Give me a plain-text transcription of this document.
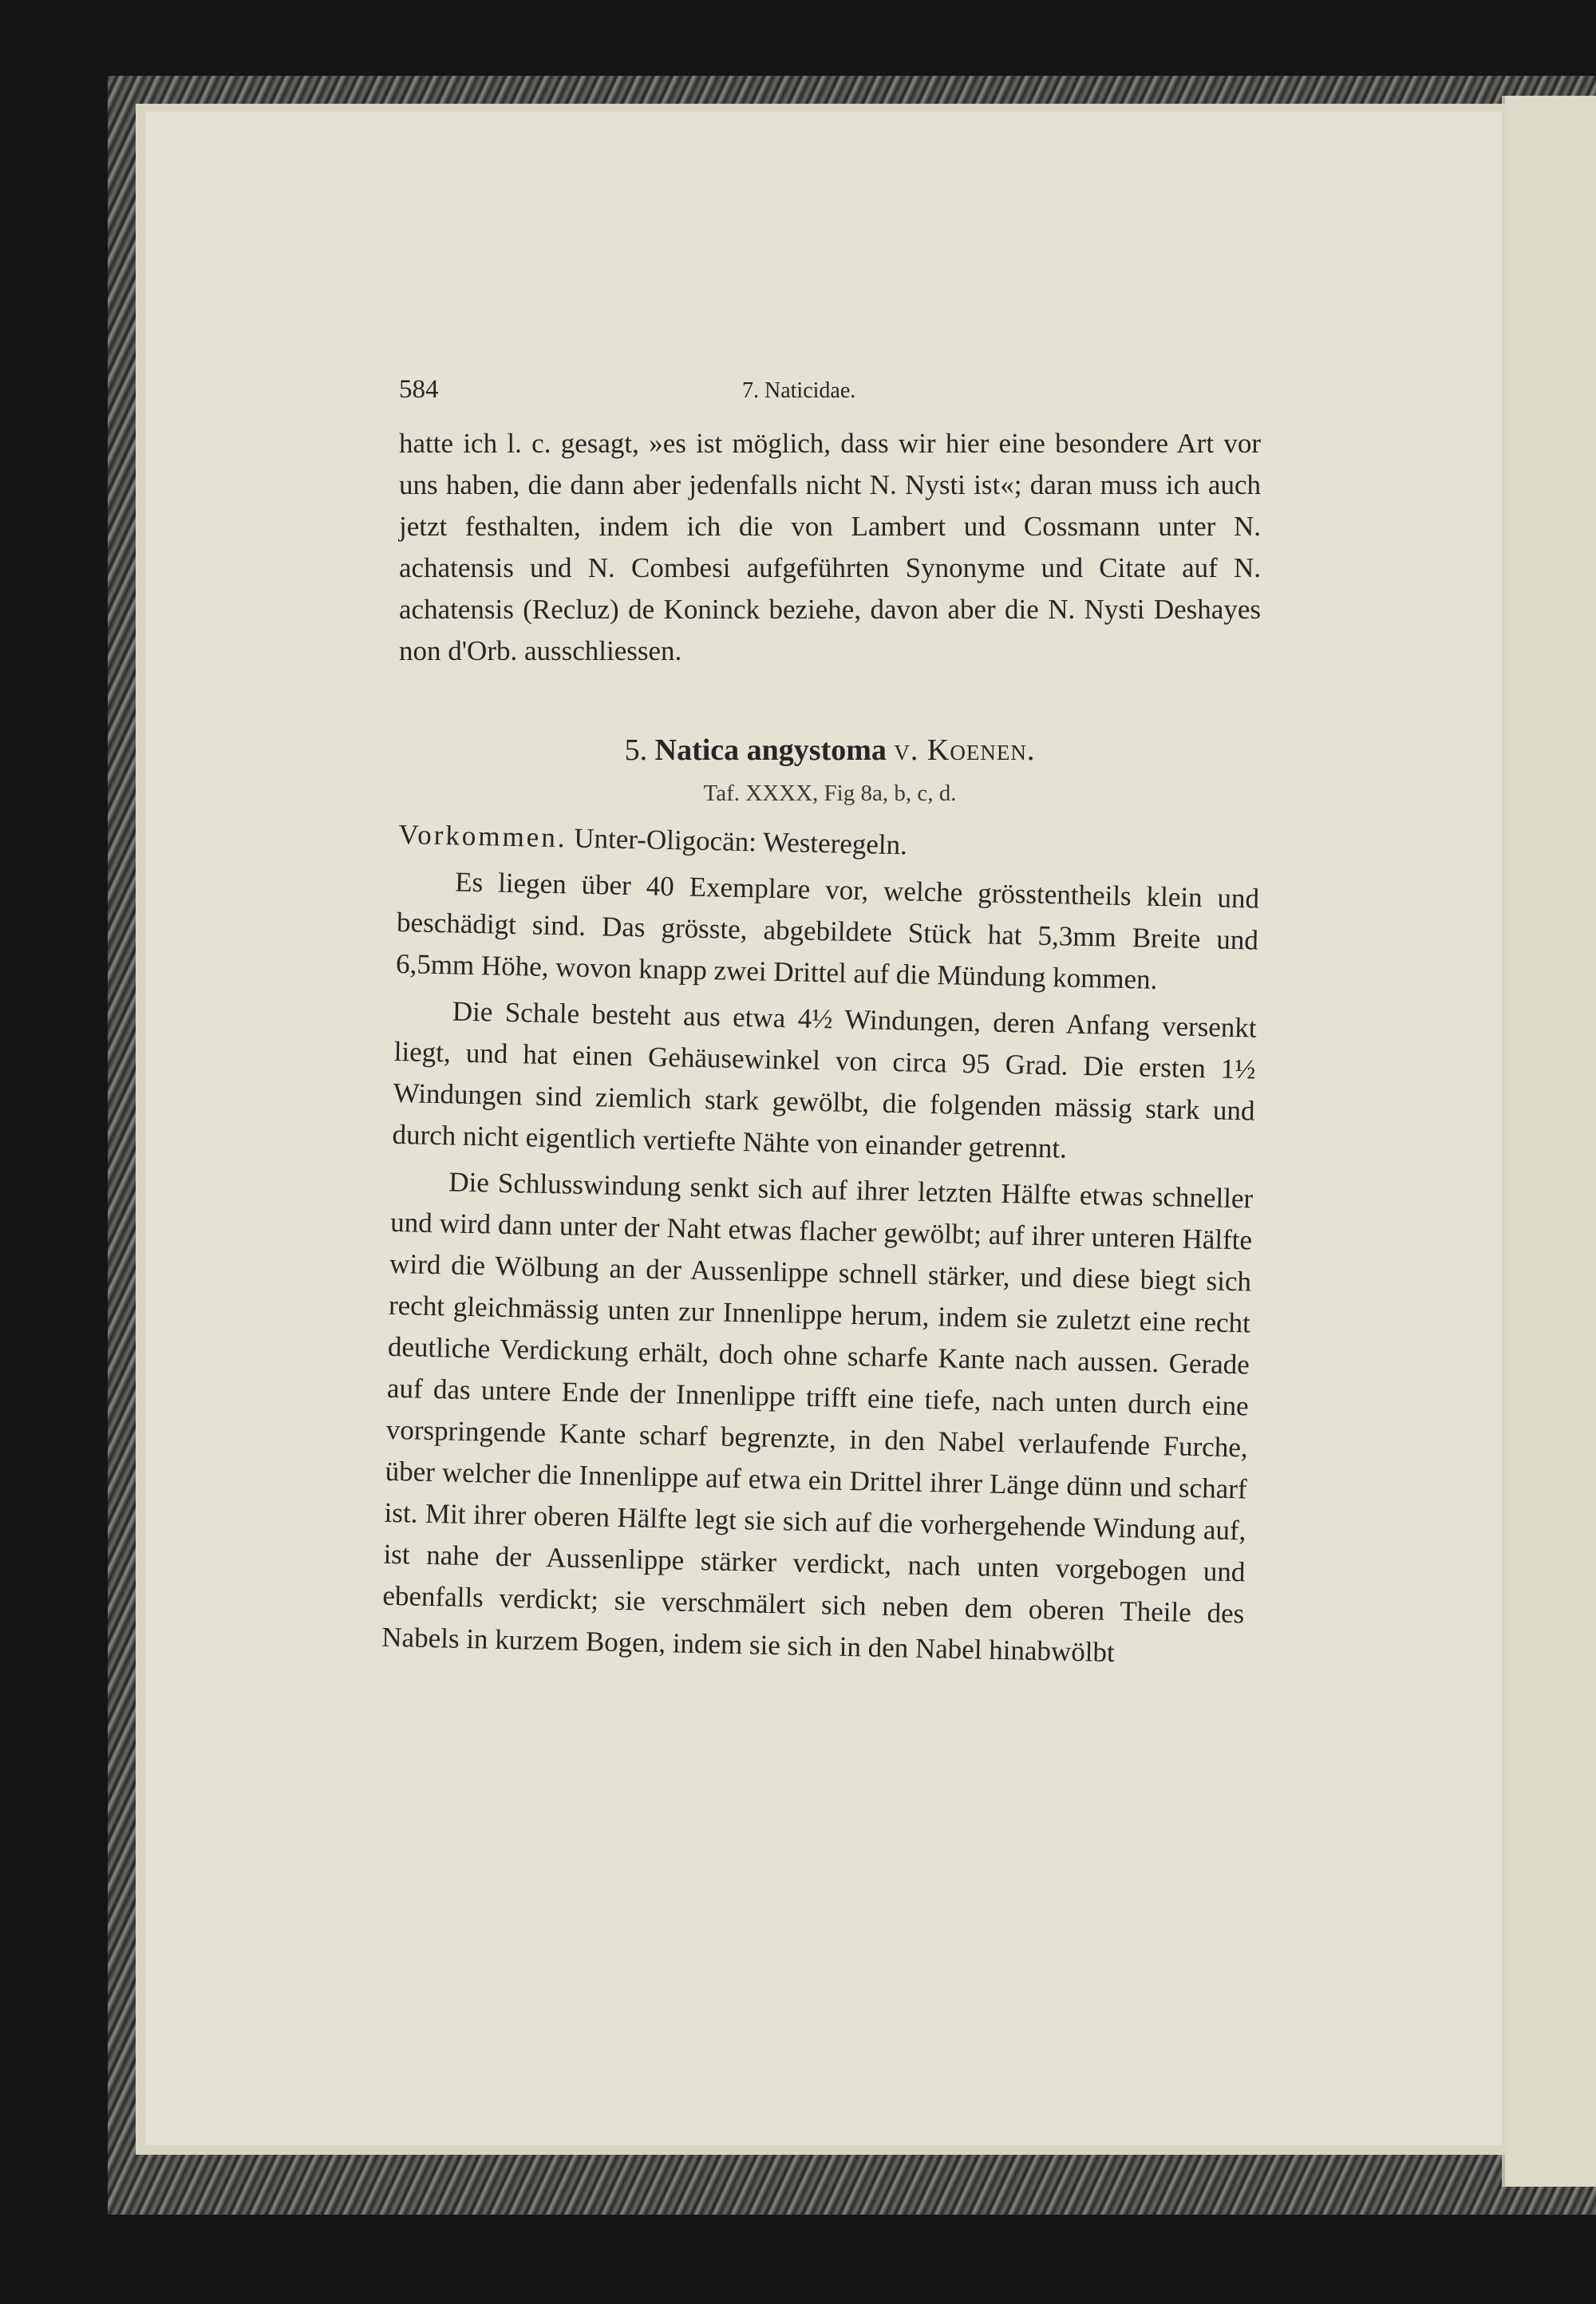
584	7. Naticidae.

hatte ich l. c. gesagt, »es ist möglich, dass wir hier eine besondere Art vor uns haben, die dann aber jedenfalls nicht N. Nysti ist«; daran muss ich auch jetzt festhalten, indem ich die von Lambert und Cossmann unter N. achatensis und N. Combesi aufgeführten Synonyme und Citate auf N. achatensis (Recluz) de Koninck beziehe, davon aber die N. Nysti Deshayes non d'Orb. ausschliessen.

5. Natica angystoma v. Koenen.
Taf. XXXX, Fig 8a, b, c, d.

Vorkommen. Unter-Oligocän: Westeregeln.

Es liegen über 40 Exemplare vor, welche grösstentheils klein und beschädigt sind. Das grösste, abgebildete Stück hat 5,3mm Breite und 6,5mm Höhe, wovon knapp zwei Drittel auf die Mündung kommen.

Die Schale besteht aus etwa 4½ Windungen, deren Anfang versenkt liegt, und hat einen Gehäusewinkel von circa 95 Grad. Die ersten 1½ Windungen sind ziemlich stark gewölbt, die folgenden mässig stark und durch nicht eigentlich vertiefte Nähte von einander getrennt.

Die Schlusswindung senkt sich auf ihrer letzten Hälfte etwas schneller und wird dann unter der Naht etwas flacher gewölbt; auf ihrer unteren Hälfte wird die Wölbung an der Aussenlippe schnell stärker, und diese biegt sich recht gleichmässig unten zur Innenlippe herum, indem sie zuletzt eine recht deutliche Verdickung erhält, doch ohne scharfe Kante nach aussen. Gerade auf das untere Ende der Innenlippe trifft eine tiefe, nach unten durch eine vorspringende Kante scharf begrenzte, in den Nabel verlaufende Furche, über welcher die Innenlippe auf etwa ein Drittel ihrer Länge dünn und scharf ist. Mit ihrer oberen Hälfte legt sie sich auf die vorhergehende Windung auf, ist nahe der Aussenlippe stärker verdickt, nach unten vorgebogen und ebenfalls verdickt; sie verschmälert sich neben dem oberen Theile des Nabels in kurzem Bogen, indem sie sich in den Nabel hinabwölbt
